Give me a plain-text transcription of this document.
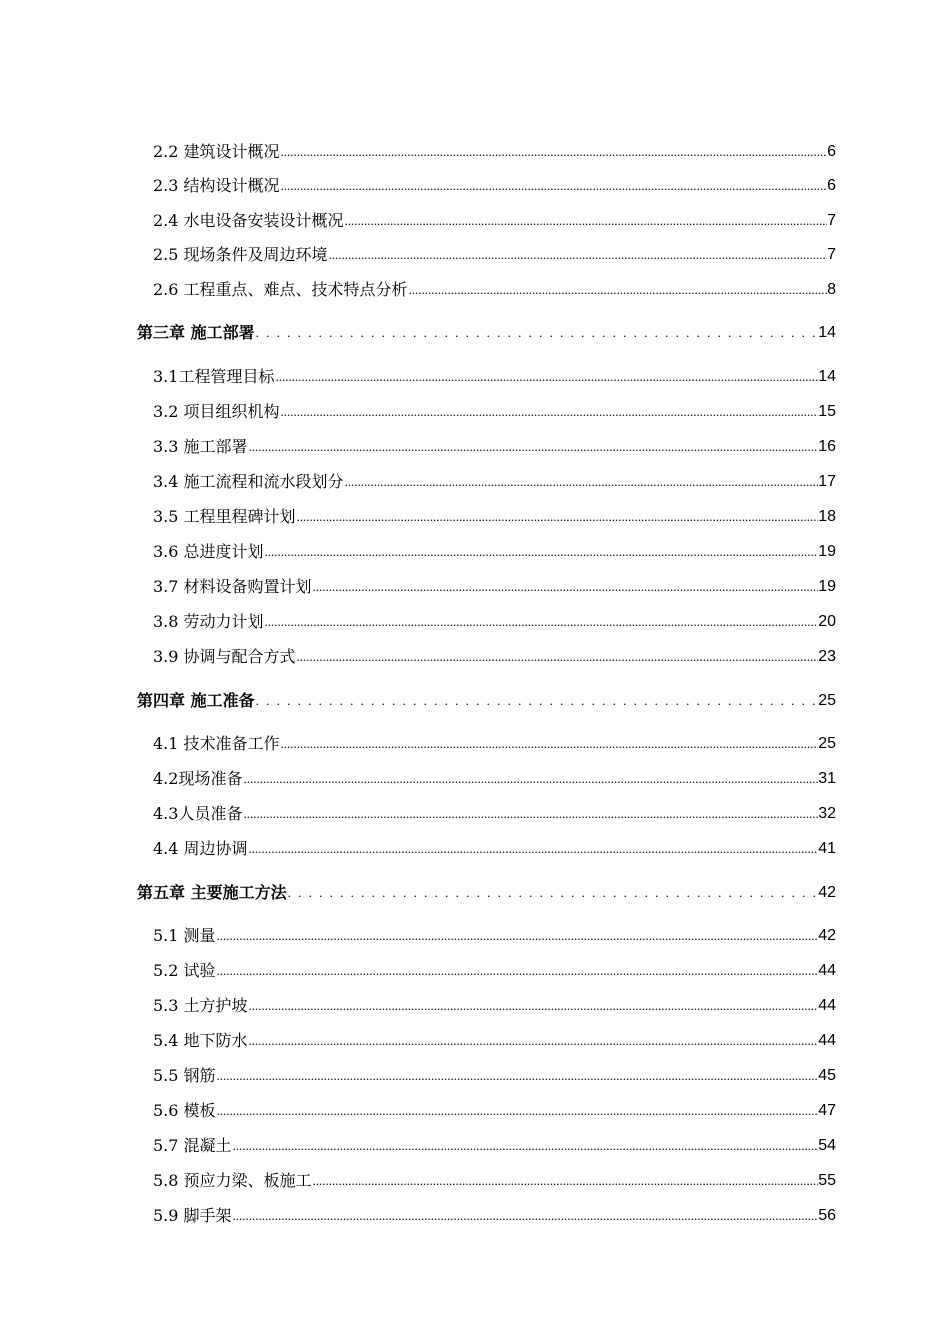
2.2 建筑设计概况 .....	6
2.3 结构设计概况 .....	6
2.4 水电设备安装设计概况 .....	7
2.5 现场条件及周边环境 .....	7
2.6 工程重点、难点、技术特点分析 .....	8
第三章 施工部署 . . .	14
3.1工程管理目标 .....	14
3.2 项目组织机构 .....	15
3.3 施工部署 .....	16
3.4 施工流程和流水段划分 .....	17
3.5 工程里程碑计划 .....	18
3.6 总进度计划 .....	19
3.7 材料设备购置计划 .....	19
3.8 劳动力计划 .....	20
3.9 协调与配合方式 .....	23
第四章 施工准备 . . .	25
4.1 技术准备工作 .....	25
4.2现场准备 .....	31
4.3人员准备 .....	32
4.4 周边协调 .....	41
第五章 主要施工方法 . . .	42
5.1 测量 .....	42
5.2 试验 .....	44
5.3 土方护坡 .....	44
5.4 地下防水 .....	44
5.5 钢筋 .....	45
5.6 模板 .....	47
5.7 混凝土 .....	54
5.8 预应力梁、板施工 .....	55
5.9 脚手架 .....	56
